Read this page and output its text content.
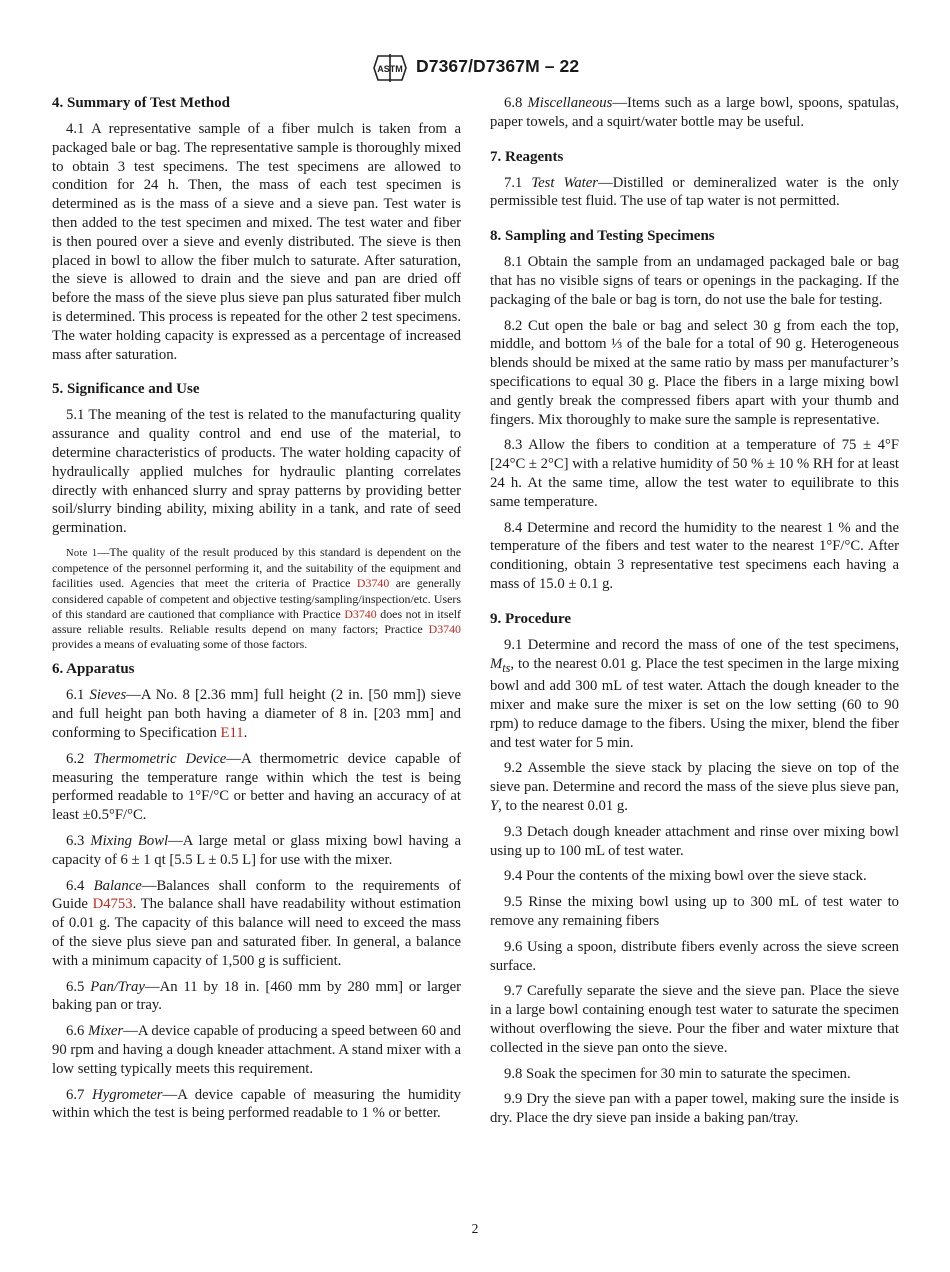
ASTM D7367/D7367M – 22
4. Summary of Test Method

4.1 A representative sample of a fiber mulch is taken from a packaged bale or bag. The representative sample is thoroughly mixed to obtain 3 test specimens. The test specimens are allowed to condition for 24 h. Then, the mass of each test specimen is determined as is the mass of a sieve and a sieve pan. Test water is then added to the test specimen and mixed. The test water and fiber is then poured over a sieve and evenly distributed. The sieve is then placed in bowl to allow the fiber mulch to saturate. After saturation, the sieve is allowed to drain and the sieve and pan are dried off before the mass of the sieve plus sieve pan plus saturated fiber mulch is determined. This process is repeated for the other 2 test specimens. The water holding capacity is expressed as a percentage of increased mass after saturation.

5. Significance and Use

5.1 The meaning of the test is related to the manufacturing quality assurance and quality control and end use of the material, to determine characteristics of products. The water holding capacity of hydraulically applied mulches for hydraulic planting correlates directly with enhanced slurry and spray patterns by providing better soil/slurry binding ability, mixing ability in a tank, and rate of seed germination.

Note 1—The quality of the result produced by this standard is dependent on the competence of the personnel performing it, and the suitability of the equipment and facilities used. Agencies that meet the criteria of Practice D3740 are generally considered capable of competent and objective testing/sampling/inspection/etc. Users of this standard are cautioned that compliance with Practice D3740 does not in itself assure reliable results. Reliable results depend on many factors; Practice D3740 provides a means of evaluating some of those factors.

6. Apparatus

6.1 Sieves—A No. 8 [2.36 mm] full height (2 in. [50 mm]) sieve and full height pan both having a diameter of 8 in. [203 mm] and conforming to Specification E11.

6.2 Thermometric Device—A thermometric device capable of measuring the temperature range within which the test is being performed readable to 1°F/°C or better and having an accuracy of at least ±0.5°F/°C.

6.3 Mixing Bowl—A large metal or glass mixing bowl having a capacity of 6 ± 1 qt [5.5 L ± 0.5 L] for use with the mixer.

6.4 Balance—Balances shall conform to the requirements of Guide D4753. The balance shall have readability without estimation of 0.01 g. The capacity of this balance will need to exceed the mass of the sieve plus sieve pan and saturated fiber. In general, a balance with a minimum capacity of 1,500 g is sufficient.

6.5 Pan/Tray—An 11 by 18 in. [460 mm by 280 mm] or larger baking pan or tray.

6.6 Mixer—A device capable of producing a speed between 60 and 90 rpm and having a dough kneader attachment. A stand mixer with a low setting typically meets this requirement.

6.7 Hygrometer—A device capable of measuring the humidity within which the test is being performed readable to 1 % or better.

6.8 Miscellaneous—Items such as a large bowl, spoons, spatulas, paper towels, and a squirt/water bottle may be useful.

7. Reagents

7.1 Test Water—Distilled or demineralized water is the only permissible test fluid. The use of tap water is not permitted.

8. Sampling and Testing Specimens

8.1 Obtain the sample from an undamaged packaged bale or bag that has no visible signs of tears or openings in the packaging. If the packaging of the bale or bag is torn, do not use the bale for testing.

8.2 Cut open the bale or bag and select 30 g from each the top, middle, and bottom ⅓ of the bale for a total of 90 g. Heterogeneous blends should be mixed at the same ratio by mass per manufacturer’s specifications to equal 30 g. Place the fibers in a large mixing bowl and gently break the compressed fibers apart with your thumb and fingers. Mix thoroughly to make sure the sample is representative.

8.3 Allow the fibers to condition at a temperature of 75 ± 4°F [24°C ± 2°C] with a relative humidity of 50 % ± 10 % RH for at least 24 h. At the same time, allow the test water to equilibrate to this same temperature.

8.4 Determine and record the humidity to the nearest 1 % and the temperature of the fibers and test water to the nearest 1°F/°C. After conditioning, obtain 3 representative test specimens each having a mass of 15.0 ± 0.1 g.

9. Procedure

9.1 Determine and record the mass of one of the test specimens, $M_{ts}$, to the nearest 0.01 g. Place the test specimen in the large mixing bowl and add 300 mL of test water. Attach the dough kneader to the mixer and make sure the mixer is set on the low setting (60 to 90 rpm) to reduce damage to the fibers. Using the mixer, blend the fiber and test water for 5 min.

9.2 Assemble the sieve stack by placing the sieve on top of the sieve pan. Determine and record the mass of the sieve plus sieve pan, Y, to the nearest 0.01 g.

9.3 Detach dough kneader attachment and rinse over mixing bowl using up to 100 mL of test water.

9.4 Pour the contents of the mixing bowl over the sieve stack.

9.5 Rinse the mixing bowl using up to 300 mL of test water to remove any remaining fibers

9.6 Using a spoon, distribute fibers evenly across the sieve screen surface.

9.7 Carefully separate the sieve and the sieve pan. Place the sieve in a large bowl containing enough test water to saturate the specimen without overflowing the sieve. Pour the fiber and water mixture that collected in the sieve pan onto the sieve.

9.8 Soak the specimen for 30 min to saturate the specimen.

9.9 Dry the sieve pan with a paper towel, making sure the inside is dry. Place the dry sieve pan inside a baking pan/tray.

2
